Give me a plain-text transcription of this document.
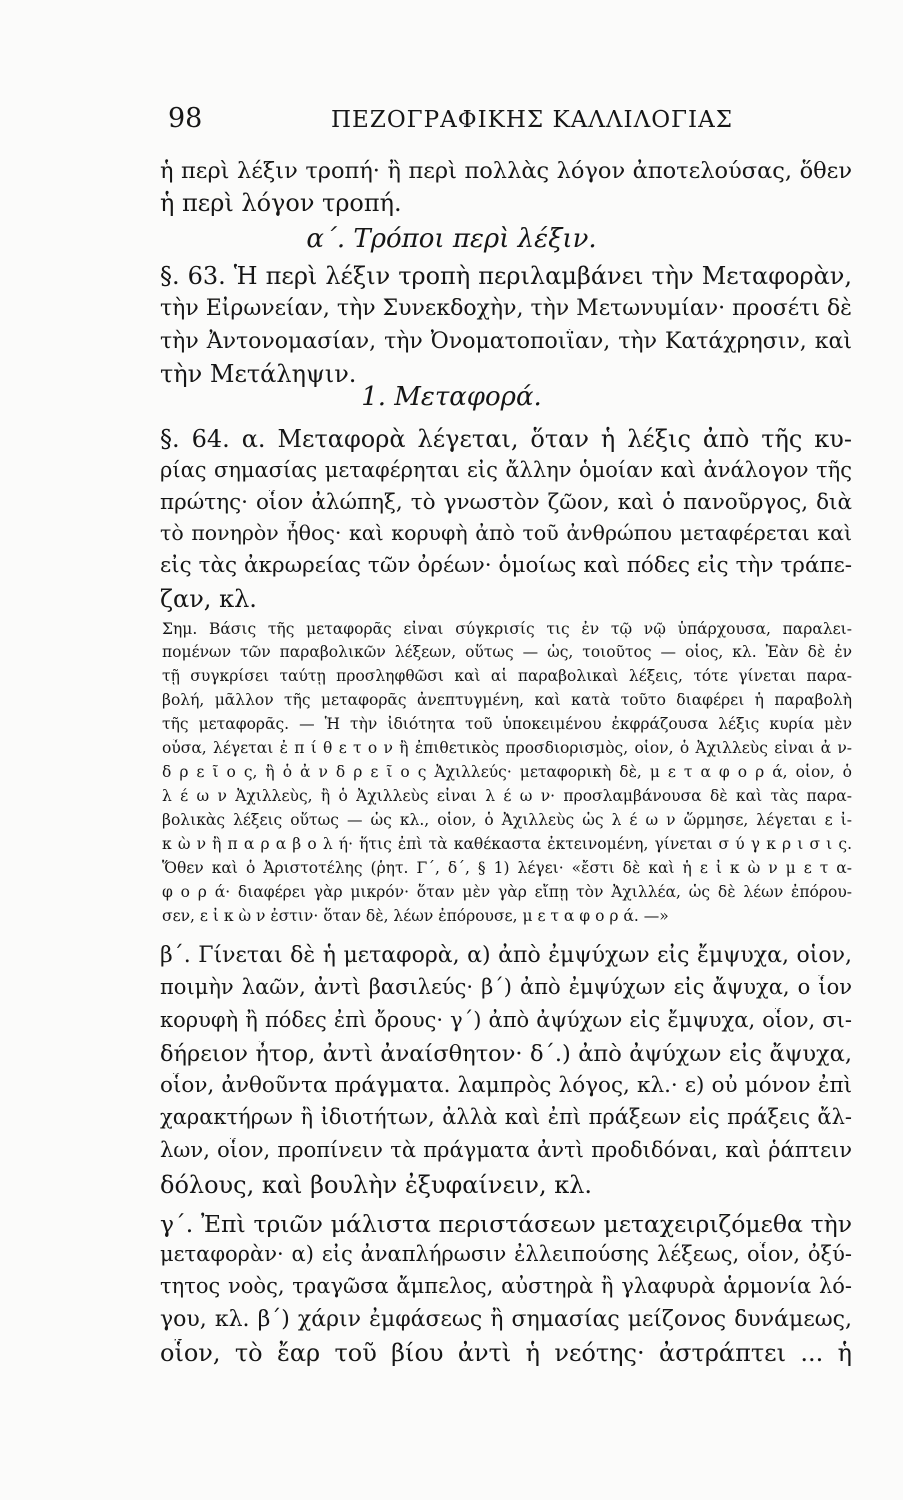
98	ΠΕΖΟΓΡΑΦΙΚΗΣ ΚΑΛΛΙΛΟΓΙΑΣ
ἡ περὶ λέξιν τροπή· ἢ περὶ πολλὰς λόγον ἀποτελούσας, ὅθεν
ἡ περὶ λόγον τροπή.
α΄. Τρόποι περὶ λέξιν.
§. 63. Ἡ περὶ λέξιν τροπὴ περιλαμβάνει τὴν Μεταφορὰν,
τὴν Εἰρωνείαν, τὴν Συνεκδοχὴν, τὴν Μετωνυμίαν· προσέτι δὲ
τὴν Ἀντονομασίαν, τὴν Ὀνοματοποιΐαν, τὴν Κατάχρησιν, καὶ
τὴν Μετάληψιν.
1. Μεταφορά.
§. 64. α. Μεταφορὰ λέγεται, ὅταν ἡ λέξις ἀπὸ τῆς κυ-
ρίας σημασίας μεταφέρηται εἰς ἄλλην ὁμοίαν καὶ ἀνάλογον τῆς
πρώτης· οἷον ἀλώπηξ, τὸ γνωστὸν ζῶον, καὶ ὁ πανοῦργος, διὰ
τὸ πονηρὸν ἦθος· καὶ κορυφὴ ἀπὸ τοῦ ἀνθρώπου μεταφέρεται καὶ
εἰς τὰς ἀκρωρείας τῶν ὀρέων· ὁμοίως καὶ πόδες εἰς τὴν τράπε-
ζαν, κλ.
Σημ. Βάσις τῆς μεταφορᾶς εἶναι σύγκρισίς τις ἐν τῷ νῷ ὑπάρχουσα, παραλει-
πομένων τῶν παραβολικῶν λέξεων, οὕτως — ὡς, τοιοῦτος — οἷος, κλ. Ἐὰν δὲ ἐν
τῇ συγκρίσει ταύτῃ προσληφθῶσι καὶ αἱ παραβολικαὶ λέξεις, τότε γίνεται παρα-
βολή, μᾶλλον τῆς μεταφορᾶς ἀνεπτυγμένη, καὶ κατὰ τοῦτο διαφέρει ἡ παραβολὴ
τῆς μεταφορᾶς. — Ἡ τὴν ἰδιότητα τοῦ ὑποκειμένου ἐκφράζουσα λέξις κυρία μὲν
οὖσα, λέγεται ἐ π ί θ ε τ ο ν ἢ ἐπιθετικὸς προσδιορισμὸς, οἷον, ὁ Ἀχιλλεὺς εἶναι ἀ ν-
δ ρ ε ῖ ο ς, ἢ ὁ ἀ ν δ ρ ε ῖ ο ς Ἀχιλλεύς· μεταφορικὴ δὲ, μ ε τ α φ ο ρ ά, οἷον, ὁ
λ έ ω ν Ἀχιλλεὺς, ἢ ὁ Ἀχιλλεὺς εἶναι λ έ ω ν· προσλαμβάνουσα δὲ καὶ τὰς παρα-
βολικὰς λέξεις οὕτως — ὡς κλ., οἷον, ὁ Ἀχιλλεὺς ὡς λ έ ω ν ὥρμησε, λέγεται ε ἰ-
κ ὼ ν ἢ π α ρ α β ο λ ή· ἥτις ἐπὶ τὰ καθέκαστα ἐκτεινομένη, γίνεται σ ύ γ κ ρ ι σ ι ς.
Ὅθεν καὶ ὁ Ἀριστοτέλης (ῥητ. Γ΄, δ΄, § 1) λέγει· «ἔστι δὲ καὶ ἡ ε ἰ κ ὼ ν μ ε τ α-
φ ο ρ ά· διαφέρει γὰρ μικρόν· ὅταν μὲν γὰρ εἴπῃ τὸν Ἀχιλλέα, ὡς δὲ λέων ἐπόρου-
σεν, ε ἰ κ ὼ ν ἐστιν· ὅταν δὲ, λέων ἐπόρουσε, μ ε τ α φ ο ρ ά. —»
β΄. Γίνεται δὲ ἡ μεταφορὰ, α) ἀπὸ ἐμψύχων εἰς ἔμψυχα, οἷον,
ποιμὴν λαῶν, ἀντὶ βασιλεύς· β΄) ἀπὸ ἐμψύχων εἰς ἄψυχα, ο ἷον
κορυφὴ ἢ πόδες ἐπὶ ὄρους· γ΄) ἀπὸ ἀψύχων εἰς ἔμψυχα, οἷον, σι-
δήρειον ἦτορ, ἀντὶ ἀναίσθητον· δ΄.) ἀπὸ ἀψύχων εἰς ἄψυχα,
οἷον, ἀνθοῦντα πράγματα. λαμπρὸς λόγος, κλ.· ε) οὐ μόνον ἐπὶ
χαρακτήρων ἢ ἰδιοτήτων, ἀλλὰ καὶ ἐπὶ πράξεων εἰς πράξεις ἄλ-
λων, οἷον, προπίνειν τὰ πράγματα ἀντὶ προδιδόναι, καὶ ῥάπτειν
δόλους, καὶ βουλὴν ἐξυφαίνειν, κλ.
γ΄. Ἐπὶ τριῶν μάλιστα περιστάσεων μεταχειριζόμεθα τὴν
μεταφορὰν· α) εἰς ἀναπλήρωσιν ἐλλειπούσης λέξεως, οἷον, ὀξύ-
τητος νοὸς, τραγῶσα ἄμπελος, αὐστηρὰ ἢ γλαφυρὰ ἁρμονία λό-
γου, κλ. β΄) χάριν ἐμφάσεως ἢ σημασίας μείζονος δυνάμεως,
οἷον, τὸ ἔαρ τοῦ βίου ἀντὶ ἡ νεότης· ἀστράπτει ... ἡ
